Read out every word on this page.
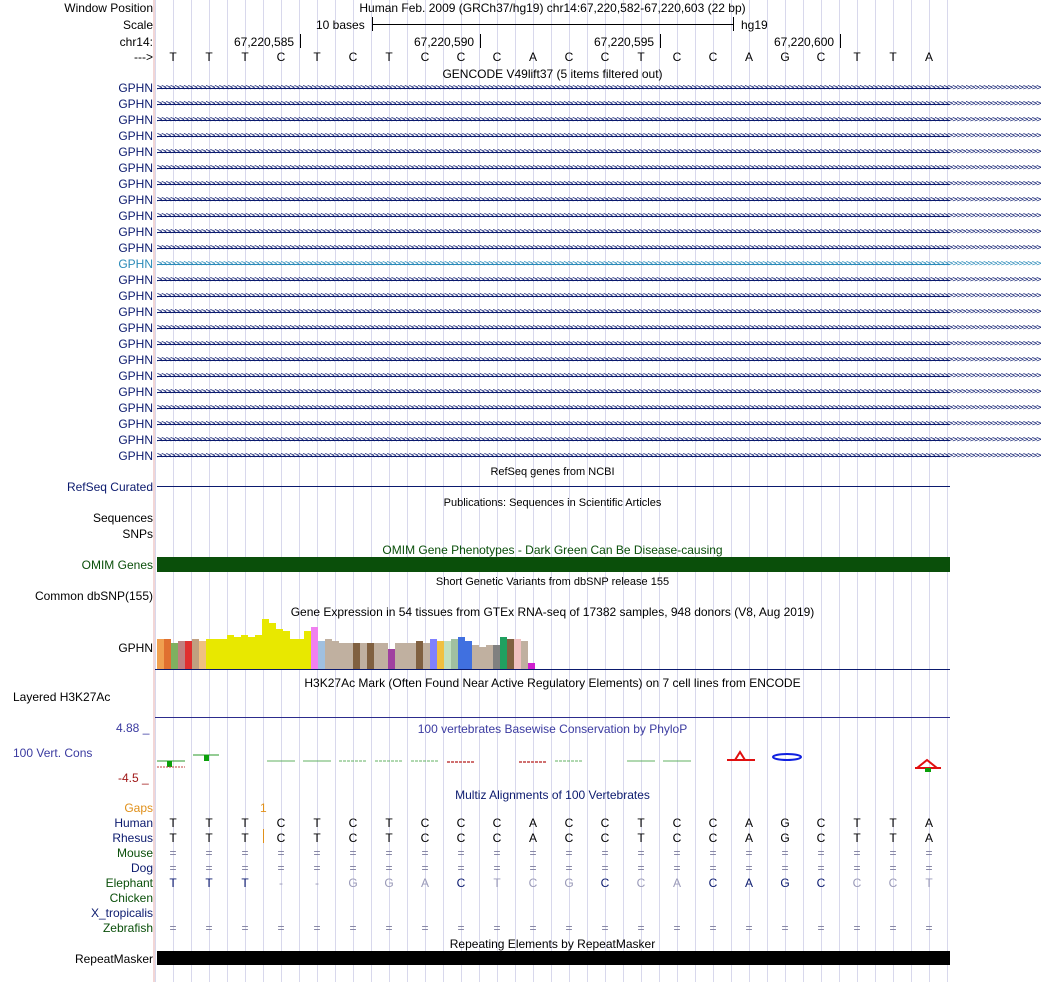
Window Position	Human Feb. 2009 (GRCh37/hg19) chr14:67,220,582-67,220,603 (22 bp)
Scale	10 bases	hg19
chr14:	67,220,585	67,220,590	67,220,595	67,220,600
--->	T	T	T	C	T	C	T	C	C	C	A	C	C	T	C	C	A	G	C	T	T	A
GENCODE V49lift37 (5 items filtered out)
GPHN >>>>>>>>>>>>>>>>>>>>>>>>>>>>>>>>>>>>>>>>>>>>>>>>>>>>>>>>>>>>>>>>>>>>>>>>>>>>>>>>>>>>>>>>>>>>>>>>>>>>>>>>>>>>>>>>>>>>>>>>>>>>>>>>>>>>>>>>>>>>>>>>>>>>>>>>>>>>>>>>>>>>>>>>>>>>>>>>>>>>>>>>>>>>>>>>>>>>>>>>
GPHN >>>>>>>>>>>>>>>>>>>>>>>>>>>>>>>>>>>>>>>>>>>>>>>>>>>>>>>>>>>>>>>>>>>>>>>>>>>>>>>>>>>>>>>>>>>>>>>>>>>>>>>>>>>>>>>>>>>>>>>>>>>>>>>>>>>>>>>>>>>>>>>>>>>>>>>>>>>>>>>>>>>>>>>>>>>>>>>>>>>>>>>>>>>>>>>>>>>>>>>>
GPHN >>>>>>>>>>>>>>>>>>>>>>>>>>>>>>>>>>>>>>>>>>>>>>>>>>>>>>>>>>>>>>>>>>>>>>>>>>>>>>>>>>>>>>>>>>>>>>>>>>>>>>>>>>>>>>>>>>>>>>>>>>>>>>>>>>>>>>>>>>>>>>>>>>>>>>>>>>>>>>>>>>>>>>>>>>>>>>>>>>>>>>>>>>>>>>>>>>>>>>>>
GPHN >>>>>>>>>>>>>>>>>>>>>>>>>>>>>>>>>>>>>>>>>>>>>>>>>>>>>>>>>>>>>>>>>>>>>>>>>>>>>>>>>>>>>>>>>>>>>>>>>>>>>>>>>>>>>>>>>>>>>>>>>>>>>>>>>>>>>>>>>>>>>>>>>>>>>>>>>>>>>>>>>>>>>>>>>>>>>>>>>>>>>>>>>>>>>>>>>>>>>>>>
GPHN >>>>>>>>>>>>>>>>>>>>>>>>>>>>>>>>>>>>>>>>>>>>>>>>>>>>>>>>>>>>>>>>>>>>>>>>>>>>>>>>>>>>>>>>>>>>>>>>>>>>>>>>>>>>>>>>>>>>>>>>>>>>>>>>>>>>>>>>>>>>>>>>>>>>>>>>>>>>>>>>>>>>>>>>>>>>>>>>>>>>>>>>>>>>>>>>>>>>>>>>
GPHN >>>>>>>>>>>>>>>>>>>>>>>>>>>>>>>>>>>>>>>>>>>>>>>>>>>>>>>>>>>>>>>>>>>>>>>>>>>>>>>>>>>>>>>>>>>>>>>>>>>>>>>>>>>>>>>>>>>>>>>>>>>>>>>>>>>>>>>>>>>>>>>>>>>>>>>>>>>>>>>>>>>>>>>>>>>>>>>>>>>>>>>>>>>>>>>>>>>>>>>>
GPHN >>>>>>>>>>>>>>>>>>>>>>>>>>>>>>>>>>>>>>>>>>>>>>>>>>>>>>>>>>>>>>>>>>>>>>>>>>>>>>>>>>>>>>>>>>>>>>>>>>>>>>>>>>>>>>>>>>>>>>>>>>>>>>>>>>>>>>>>>>>>>>>>>>>>>>>>>>>>>>>>>>>>>>>>>>>>>>>>>>>>>>>>>>>>>>>>>>>>>>>>
GPHN >>>>>>>>>>>>>>>>>>>>>>>>>>>>>>>>>>>>>>>>>>>>>>>>>>>>>>>>>>>>>>>>>>>>>>>>>>>>>>>>>>>>>>>>>>>>>>>>>>>>>>>>>>>>>>>>>>>>>>>>>>>>>>>>>>>>>>>>>>>>>>>>>>>>>>>>>>>>>>>>>>>>>>>>>>>>>>>>>>>>>>>>>>>>>>>>>>>>>>>>
GPHN >>>>>>>>>>>>>>>>>>>>>>>>>>>>>>>>>>>>>>>>>>>>>>>>>>>>>>>>>>>>>>>>>>>>>>>>>>>>>>>>>>>>>>>>>>>>>>>>>>>>>>>>>>>>>>>>>>>>>>>>>>>>>>>>>>>>>>>>>>>>>>>>>>>>>>>>>>>>>>>>>>>>>>>>>>>>>>>>>>>>>>>>>>>>>>>>>>>>>>>>
GPHN >>>>>>>>>>>>>>>>>>>>>>>>>>>>>>>>>>>>>>>>>>>>>>>>>>>>>>>>>>>>>>>>>>>>>>>>>>>>>>>>>>>>>>>>>>>>>>>>>>>>>>>>>>>>>>>>>>>>>>>>>>>>>>>>>>>>>>>>>>>>>>>>>>>>>>>>>>>>>>>>>>>>>>>>>>>>>>>>>>>>>>>>>>>>>>>>>>>>>>>>
GPHN >>>>>>>>>>>>>>>>>>>>>>>>>>>>>>>>>>>>>>>>>>>>>>>>>>>>>>>>>>>>>>>>>>>>>>>>>>>>>>>>>>>>>>>>>>>>>>>>>>>>>>>>>>>>>>>>>>>>>>>>>>>>>>>>>>>>>>>>>>>>>>>>>>>>>>>>>>>>>>>>>>>>>>>>>>>>>>>>>>>>>>>>>>>>>>>>>>>>>>>>
GPHN >>>>>>>>>>>>>>>>>>>>>>>>>>>>>>>>>>>>>>>>>>>>>>>>>>>>>>>>>>>>>>>>>>>>>>>>>>>>>>>>>>>>>>>>>>>>>>>>>>>>>>>>>>>>>>>>>>>>>>>>>>>>>>>>>>>>>>>>>>>>>>>>>>>>>>>>>>>>>>>>>>>>>>>>>>>>>>>>>>>>>>>>>>>>>>>>>>>>>>>>
GPHN >>>>>>>>>>>>>>>>>>>>>>>>>>>>>>>>>>>>>>>>>>>>>>>>>>>>>>>>>>>>>>>>>>>>>>>>>>>>>>>>>>>>>>>>>>>>>>>>>>>>>>>>>>>>>>>>>>>>>>>>>>>>>>>>>>>>>>>>>>>>>>>>>>>>>>>>>>>>>>>>>>>>>>>>>>>>>>>>>>>>>>>>>>>>>>>>>>>>>>>>
GPHN >>>>>>>>>>>>>>>>>>>>>>>>>>>>>>>>>>>>>>>>>>>>>>>>>>>>>>>>>>>>>>>>>>>>>>>>>>>>>>>>>>>>>>>>>>>>>>>>>>>>>>>>>>>>>>>>>>>>>>>>>>>>>>>>>>>>>>>>>>>>>>>>>>>>>>>>>>>>>>>>>>>>>>>>>>>>>>>>>>>>>>>>>>>>>>>>>>>>>>>>
GPHN >>>>>>>>>>>>>>>>>>>>>>>>>>>>>>>>>>>>>>>>>>>>>>>>>>>>>>>>>>>>>>>>>>>>>>>>>>>>>>>>>>>>>>>>>>>>>>>>>>>>>>>>>>>>>>>>>>>>>>>>>>>>>>>>>>>>>>>>>>>>>>>>>>>>>>>>>>>>>>>>>>>>>>>>>>>>>>>>>>>>>>>>>>>>>>>>>>>>>>>>
GPHN >>>>>>>>>>>>>>>>>>>>>>>>>>>>>>>>>>>>>>>>>>>>>>>>>>>>>>>>>>>>>>>>>>>>>>>>>>>>>>>>>>>>>>>>>>>>>>>>>>>>>>>>>>>>>>>>>>>>>>>>>>>>>>>>>>>>>>>>>>>>>>>>>>>>>>>>>>>>>>>>>>>>>>>>>>>>>>>>>>>>>>>>>>>>>>>>>>>>>>>>
GPHN >>>>>>>>>>>>>>>>>>>>>>>>>>>>>>>>>>>>>>>>>>>>>>>>>>>>>>>>>>>>>>>>>>>>>>>>>>>>>>>>>>>>>>>>>>>>>>>>>>>>>>>>>>>>>>>>>>>>>>>>>>>>>>>>>>>>>>>>>>>>>>>>>>>>>>>>>>>>>>>>>>>>>>>>>>>>>>>>>>>>>>>>>>>>>>>>>>>>>>>>
GPHN >>>>>>>>>>>>>>>>>>>>>>>>>>>>>>>>>>>>>>>>>>>>>>>>>>>>>>>>>>>>>>>>>>>>>>>>>>>>>>>>>>>>>>>>>>>>>>>>>>>>>>>>>>>>>>>>>>>>>>>>>>>>>>>>>>>>>>>>>>>>>>>>>>>>>>>>>>>>>>>>>>>>>>>>>>>>>>>>>>>>>>>>>>>>>>>>>>>>>>>>
GPHN >>>>>>>>>>>>>>>>>>>>>>>>>>>>>>>>>>>>>>>>>>>>>>>>>>>>>>>>>>>>>>>>>>>>>>>>>>>>>>>>>>>>>>>>>>>>>>>>>>>>>>>>>>>>>>>>>>>>>>>>>>>>>>>>>>>>>>>>>>>>>>>>>>>>>>>>>>>>>>>>>>>>>>>>>>>>>>>>>>>>>>>>>>>>>>>>>>>>>>>>
GPHN >>>>>>>>>>>>>>>>>>>>>>>>>>>>>>>>>>>>>>>>>>>>>>>>>>>>>>>>>>>>>>>>>>>>>>>>>>>>>>>>>>>>>>>>>>>>>>>>>>>>>>>>>>>>>>>>>>>>>>>>>>>>>>>>>>>>>>>>>>>>>>>>>>>>>>>>>>>>>>>>>>>>>>>>>>>>>>>>>>>>>>>>>>>>>>>>>>>>>>>>
GPHN >>>>>>>>>>>>>>>>>>>>>>>>>>>>>>>>>>>>>>>>>>>>>>>>>>>>>>>>>>>>>>>>>>>>>>>>>>>>>>>>>>>>>>>>>>>>>>>>>>>>>>>>>>>>>>>>>>>>>>>>>>>>>>>>>>>>>>>>>>>>>>>>>>>>>>>>>>>>>>>>>>>>>>>>>>>>>>>>>>>>>>>>>>>>>>>>>>>>>>>>
GPHN >>>>>>>>>>>>>>>>>>>>>>>>>>>>>>>>>>>>>>>>>>>>>>>>>>>>>>>>>>>>>>>>>>>>>>>>>>>>>>>>>>>>>>>>>>>>>>>>>>>>>>>>>>>>>>>>>>>>>>>>>>>>>>>>>>>>>>>>>>>>>>>>>>>>>>>>>>>>>>>>>>>>>>>>>>>>>>>>>>>>>>>>>>>>>>>>>>>>>>>>
GPHN >>>>>>>>>>>>>>>>>>>>>>>>>>>>>>>>>>>>>>>>>>>>>>>>>>>>>>>>>>>>>>>>>>>>>>>>>>>>>>>>>>>>>>>>>>>>>>>>>>>>>>>>>>>>>>>>>>>>>>>>>>>>>>>>>>>>>>>>>>>>>>>>>>>>>>>>>>>>>>>>>>>>>>>>>>>>>>>>>>>>>>>>>>>>>>>>>>>>>>>>
GPHN >>>>>>>>>>>>>>>>>>>>>>>>>>>>>>>>>>>>>>>>>>>>>>>>>>>>>>>>>>>>>>>>>>>>>>>>>>>>>>>>>>>>>>>>>>>>>>>>>>>>>>>>>>>>>>>>>>>>>>>>>>>>>>>>>>>>>>>>>>>>>>>>>>>>>>>>>>>>>>>>>>>>>>>>>>>>>>>>>>>>>>>>>>>>>>>>>>>>>>>>
RefSeq genes from NCBI
RefSeq Curated
Publications: Sequences in Scientific Articles
Sequences
SNPs
OMIM Gene Phenotypes - Dark Green Can Be Disease-causing
OMIM Genes
Short Genetic Variants from dbSNP release 155
Common dbSNP(155)
Gene Expression in 54 tissues from GTEx RNA-seq of 17382 samples, 948 donors (V8, Aug 2019)
GPHN
H3K27Ac Mark (Often Found Near Active Regulatory Elements) on 7 cell lines from ENCODE
Layered H3K27Ac
100 vertebrates Basewise Conservation by PhyloP
4.88 _
100 Vert. Cons
-4.5 _
Multiz Alignments of 100 Vertebrates
Gaps	1
Human	T	T	T	C	T	C	T	C	C	C	A	C	C	T	C	C	A	G	C	T	T	A
Rhesus	T	T	T	C	T	C	T	C	C	C	A	C	C	T	C	C	A	G	C	T	T	A
Mouse	=	=	=	=	=	=	=	=	=	=	=	=	=	=	=	=	=	=	=	=	=	=
Dog	=	=	=	=	=	=	=	=	=	=	=	=	=	=	=	=	=	=	=	=	=	=
Elephant	T	T	T	-	-	G	G	A	C	T	C	G	C	C	A	C	A	G	C	C	C	T
Chicken
X_tropicalis
Zebrafish	=	=	=	=	=	=	=	=	=	=	=	=	=	=	=	=	=	=	=	=	=	=
Repeating Elements by RepeatMasker
RepeatMasker
